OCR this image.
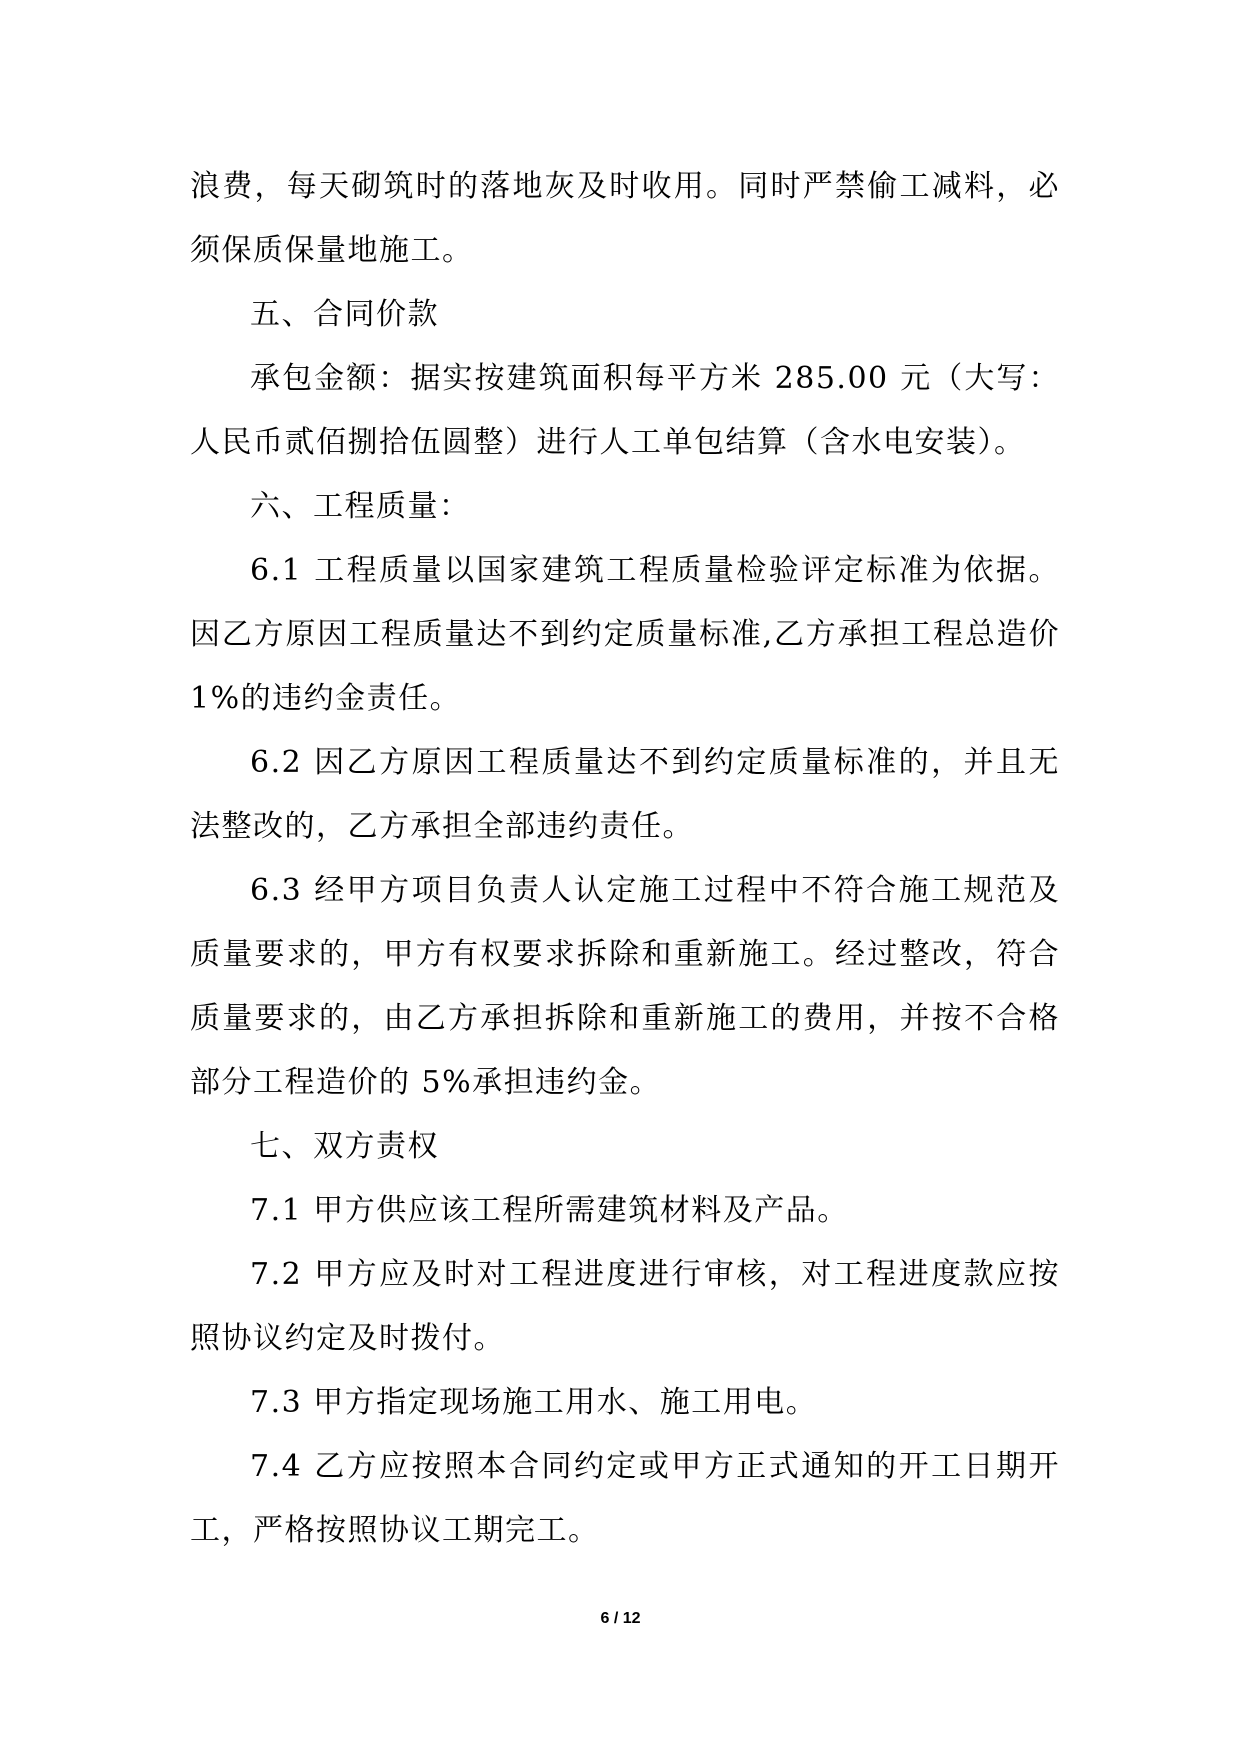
浪费，每天砌筑时的落地灰及时收用。同时严禁偷工减料，必须保质保量地施工。

五、合同价款

承包金额：据实按建筑面积每平方米 285.00 元（大写：人民币贰佰捌拾伍圆整）进行人工单包结算（含水电安装）。

六、工程质量：

6.1 工程质量以国家建筑工程质量检验评定标准为依据。因乙方原因工程质量达不到约定质量标准,乙方承担工程总造价 1%的违约金责任。

6.2 因乙方原因工程质量达不到约定质量标准的，并且无法整改的，乙方承担全部违约责任。

6.3 经甲方项目负责人认定施工过程中不符合施工规范及质量要求的，甲方有权要求拆除和重新施工。经过整改，符合质量要求的，由乙方承担拆除和重新施工的费用，并按不合格部分工程造价的 5%承担违约金。

七、双方责权

7.1 甲方供应该工程所需建筑材料及产品。

7.2 甲方应及时对工程进度进行审核，对工程进度款应按照协议约定及时拨付。

7.3 甲方指定现场施工用水、施工用电。

7.4 乙方应按照本合同约定或甲方正式通知的开工日期开工，严格按照协议工期完工。

6 / 12
